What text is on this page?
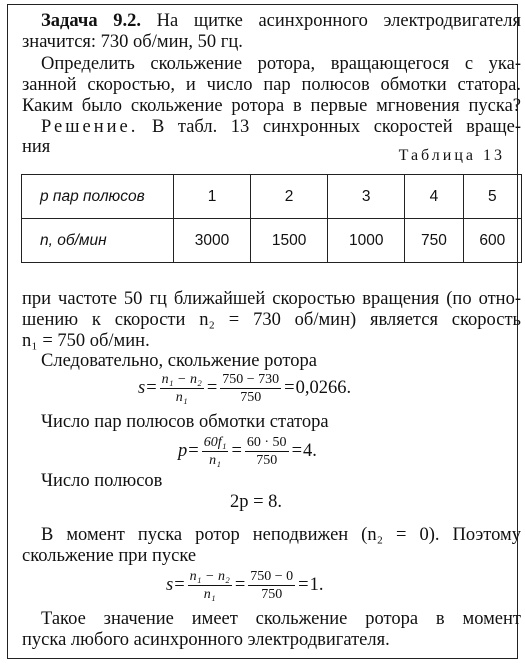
Задача 9.2. На щитке асинхронного электродвигателя

значится: 730 об/мин, 50 гц.

Определить скольжение ротора, вращающегося с ука-

занной скоростью, и число пар полюсов обмотки статора.

Каким было скольжение ротора в первые мгновения пуска?

Решение. В табл. 13 синхронных скоростей враще-

ния	Таблица 13

p пар полюсов	1	2	3	4	5
n, об/мин	3000	1500	1000	750	600

при частоте 50 гц ближайшей скоростью вращения (по отно-

шению к скорости n₂ = 730 об/мин) является скорость

n₁ = 750 об/мин.

Следовательно, скольжение ротора

$s = \frac{\text{n₁ − n₂}}{\text{n₁}} = \frac{750 - 730}{750} = 0,0266$.

Число пар полюсов обмотки статора

$p = \frac{\text{60f₁}}{\text{n₁}} = \frac{60 \cdot 50}{750} = 4$.

Число полюсов

2p = 8.

В момент пуска ротор неподвижен (n₂ = 0). Поэтому

скольжение при пуске

$s = \frac{\text{n₁ − n₂}}{\text{n₁}} = \frac{750 - 0}{750} = 1$.

Такое значение имеет скольжение ротора в момент

пуска любого асинхронного электродвигателя.
